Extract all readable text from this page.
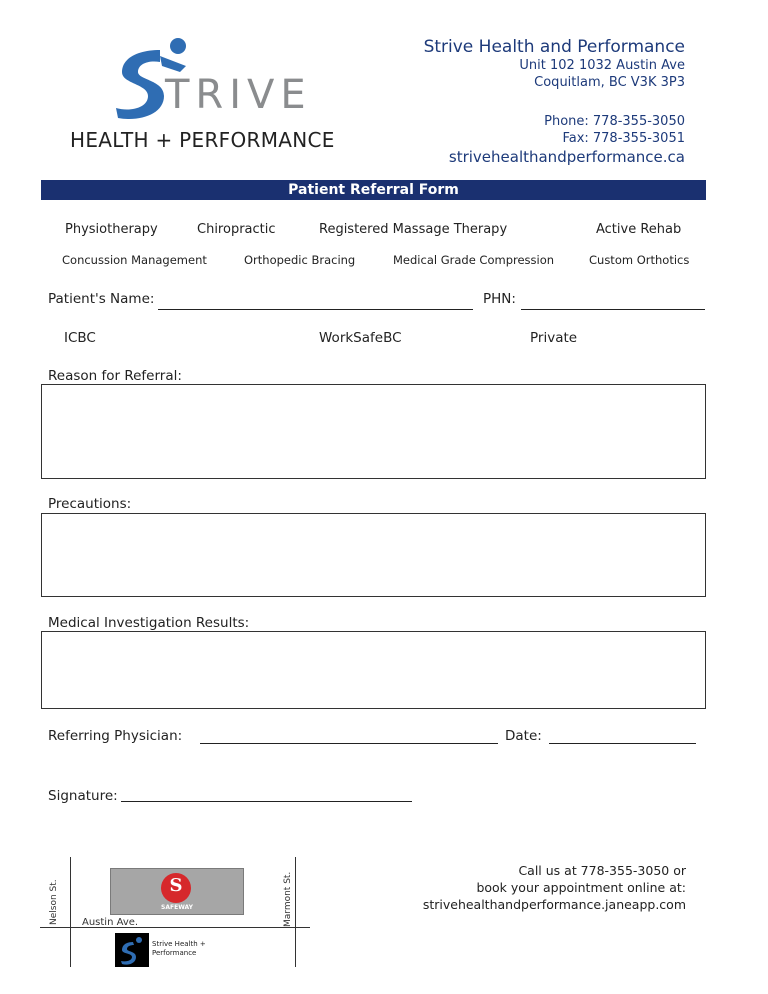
TRIVE
HEALTH + PERFORMANCE
Strive Health and Performance
Unit 102 1032 Austin Ave
Coquitlam, BC V3K 3P3
Phone: 778-355-3050
Fax: 778-355-3051
strivehealthandperformance.ca
Patient Referral Form
Physiotherapy	Chiropractic	Registered Massage Therapy	Active Rehab
Concussion Management	Orthopedic Bracing	Medical Grade Compression	Custom Orthotics
Patient's Name:	PHN:
ICBC	WorkSafeBC	Private
Reason for Referral:
Precautions:
Medical Investigation Results:
Referring Physician:	Date:
Signature:
Nelson St.	Marmont St.
Austin Ave.
S
SAFEWAY
Strive Health +
Performance
Call us at 778-355-3050 or
book your appointment online at:
strivehealthandperformance.janeapp.com
